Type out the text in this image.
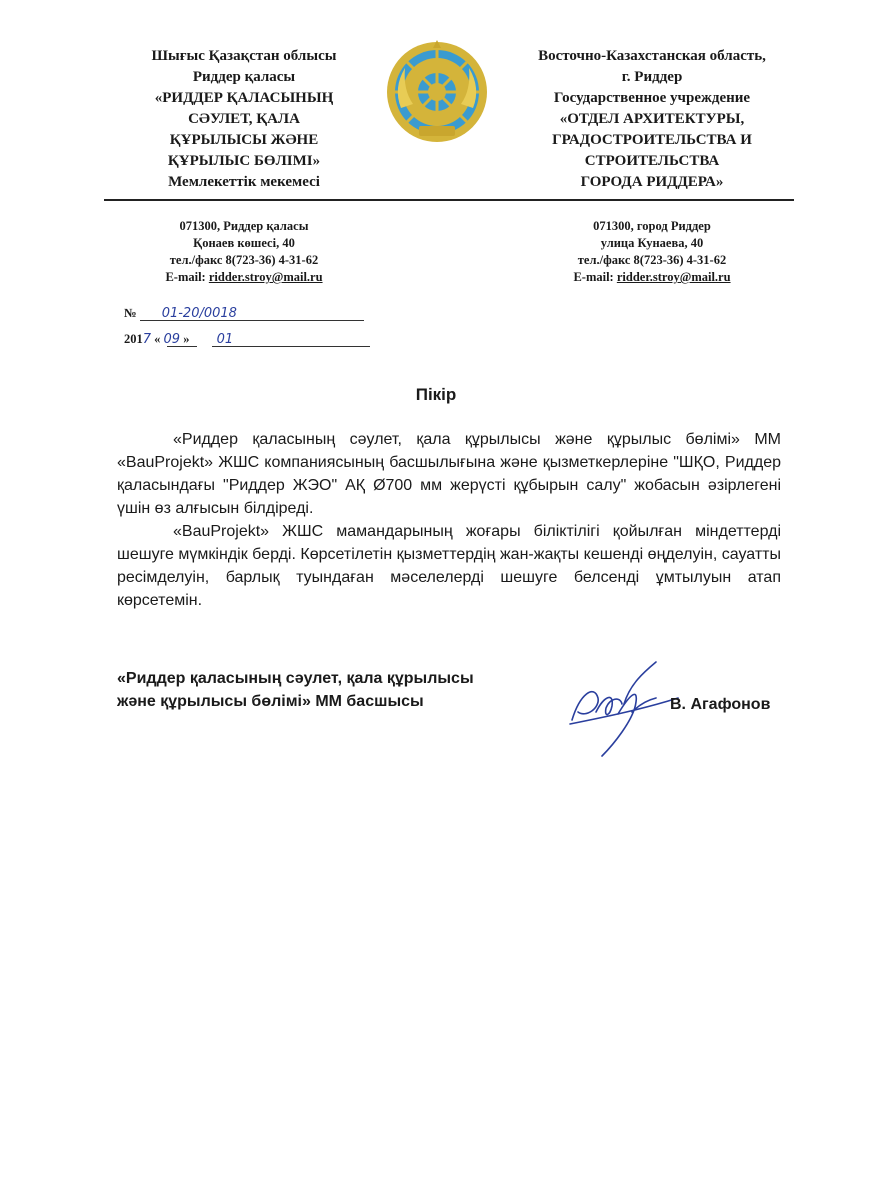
Шығыс Қазақстан облысы
Риддер қаласы
«РИДДЕР ҚАЛАСЫНЫҢ
СӘУЛЕТ, ҚАЛА
ҚҰРЫЛЫСЫ ЖӘНЕ
ҚҰРЫЛЫС БӨЛІМІ»
Мемлекеттік мекемесі
Восточно-Казахстанская область,
г. Риддер
Государственное учреждение
«ОТДЕЛ АРХИТЕКТУРЫ,
ГРАДОСТРОИТЕЛЬСТВА И
СТРОИТЕЛЬСТВА
ГОРОДА РИДДЕРА»
071300, Риддер қаласы
Қонаев көшесі, 40
тел./факс 8(723-36) 4-31-62
E-mail: ridder.stroy@mail.ru
071300, город Риддер
улица Кунаева, 40
тел./факс 8(723-36) 4-31-62
E-mail: ridder.stroy@mail.ru
№ 01-20/0018
2017 « 09 » 01
Пікір

«Риддер қаласының сәулет, қала құрылысы және құрылыс бөлімі» ММ «BauProjekt» ЖШС компаниясының басшылығына және қызметкерлеріне "ШҚО, Риддер қаласындағы "Риддер ЖЭО" АҚ Ø700 мм жерүсті құбырын салу" жобасын әзірлегені үшін өз алғысын білдіреді.

«BauProjekt» ЖШС мамандарының жоғары біліктілігі қойылған міндеттерді шешуге мүмкіндік берді. Көрсетілетін қызметтердің жан-жақты кешенді өңделуін, сауатты ресімделуін, барлық туындаған мәселелерді шешуге белсенді ұмтылуын атап көрсетемін.

«Риддер қаласының сәулет, қала құрылысы
және құрылысы бөлімі» ММ басшысы	В. Агафонов
